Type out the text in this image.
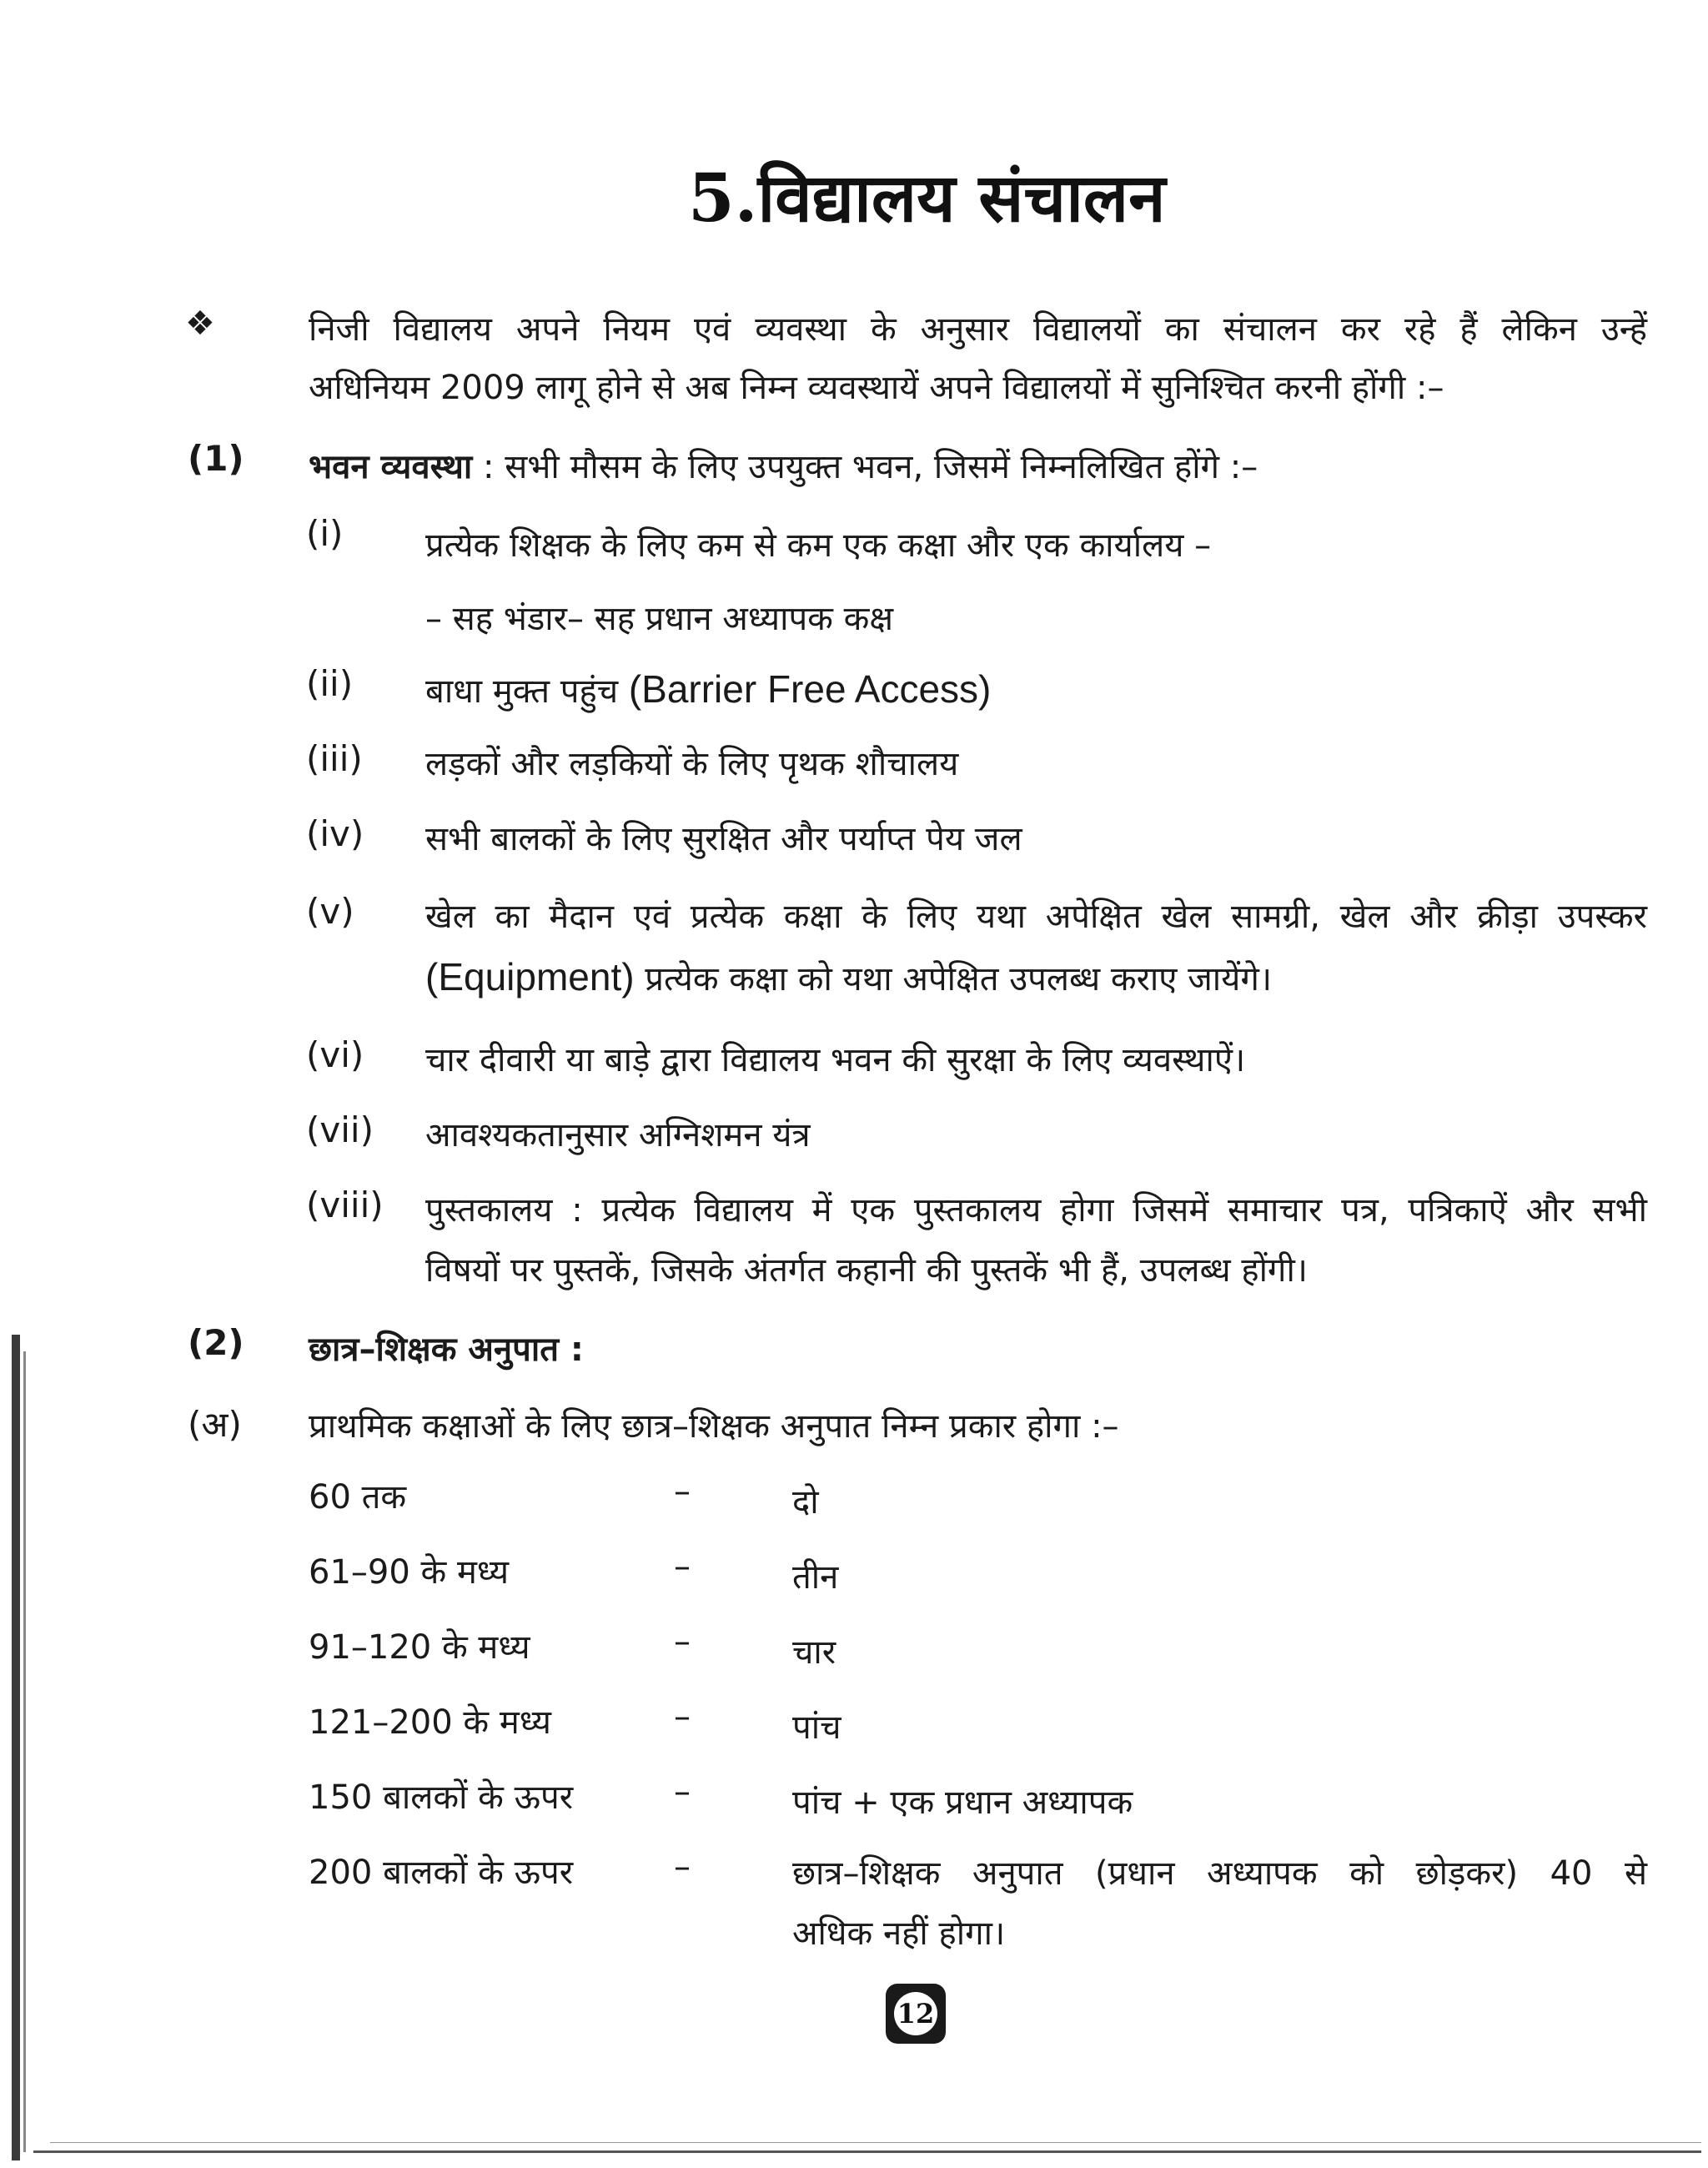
5.विद्यालय संचालन
❖	निजी विद्यालय अपने नियम एवं व्यवस्था के अनुसार विद्यालयों का संचालन कर रहे हैं लेकिन उन्हें
अधिनियम 2009 लागू होने से अब निम्न व्यवस्थायें अपने विद्यालयों में सुनिश्चित करनी होंगी :–
(1) भवन व्यवस्था : सभी मौसम के लिए उपयुक्त भवन, जिसमें निम्नलिखित होंगे :–
(i) प्रत्येक शिक्षक के लिए कम से कम एक कक्षा और एक कार्यालय –
– सह भंडार– सह प्रधान अध्यापक कक्ष
(ii) बाधा मुक्त पहुंच (Barrier Free Access)
(iii) लड़कों और लड़कियों के लिए पृथक शौचालय
(iv) सभी बालकों के लिए सुरक्षित और पर्याप्त पेय जल
(v) खेल का मैदान एवं प्रत्येक कक्षा के लिए यथा अपेक्षित खेल सामग्री, खेल और क्रीड़ा उपस्कर
(Equipment) प्रत्येक कक्षा को यथा अपेक्षित उपलब्ध कराए जायेंगे।
(vi) चार दीवारी या बाड़े द्वारा विद्यालय भवन की सुरक्षा के लिए व्यवस्थाऐं।
(vii) आवश्यकतानुसार अग्निशमन यंत्र
(viii) पुस्तकालय : प्रत्येक विद्यालय में एक पुस्तकालय होगा जिसमें समाचार पत्र, पत्रिकाऐं और सभी
विषयों पर पुस्तकें, जिसके अंतर्गत कहानी की पुस्तकें भी हैं, उपलब्ध होंगी।
(2) छात्र–शिक्षक अनुपात :
(अ) प्राथमिक कक्षाओं के लिए छात्र–शिक्षक अनुपात निम्न प्रकार होगा :–
60 तक	–	दो
61–90 के मध्य	–	तीन
91–120 के मध्य	–	चार
121–200 के मध्य	–	पांच
150 बालकों के ऊपर	–	पांच + एक प्रधान अध्यापक
200 बालकों के ऊपर	–	छात्र–शिक्षक अनुपात (प्रधान अध्यापक को छोड़कर) 40 से
अधिक नहीं होगा।
12
